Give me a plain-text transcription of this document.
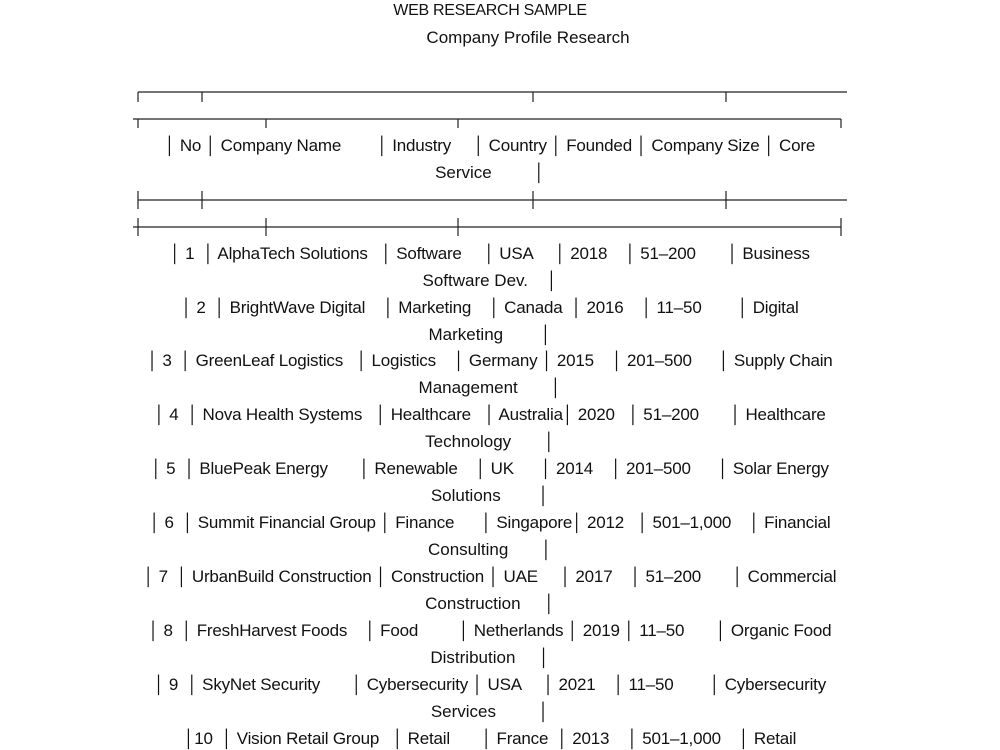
WEB RESEARCH SAMPLE
Company Profile Research
│ No │ Company Name        │ Industry     │ Country │ Founded │ Company Size │ Core
Service         │
│ 1  │ AlphaTech Solutions   │ Software     │ USA     │ 2018    │ 51–200       │ Business
Software Dev.    │
│ 2  │ BrightWave Digital    │ Marketing    │ Canada  │ 2016    │ 11–50        │ Digital
Marketing        │
│ 3  │ GreenLeaf Logistics   │ Logistics    │ Germany │ 2015    │ 201–500      │ Supply Chain
Management       │
│ 4  │ Nova Health Systems   │ Healthcare   │ Australia│ 2020   │ 51–200       │ Healthcare
Technology       │
│ 5  │ BluePeak Energy       │ Renewable    │ UK      │ 2014    │ 201–500      │ Solar Energy
Solutions        │
│ 6  │ Summit Financial Group │ Finance      │ Singapore│ 2012   │ 501–1,000    │ Financial
Consulting       │
│ 7  │ UrbanBuild Construction │ Construction │ UAE     │ 2017    │ 51–200       │ Commercial
Construction     │
│ 8  │ FreshHarvest Foods    │ Food         │ Netherlands │ 2019 │ 11–50       │ Organic Food
Distribution     │
│ 9  │ SkyNet Security       │ Cybersecurity │ USA     │ 2021    │ 11–50        │ Cybersecurity
Services         │
│10  │ Vision Retail Group   │ Retail       │ France  │ 2013    │ 501–1,000    │ Retail
